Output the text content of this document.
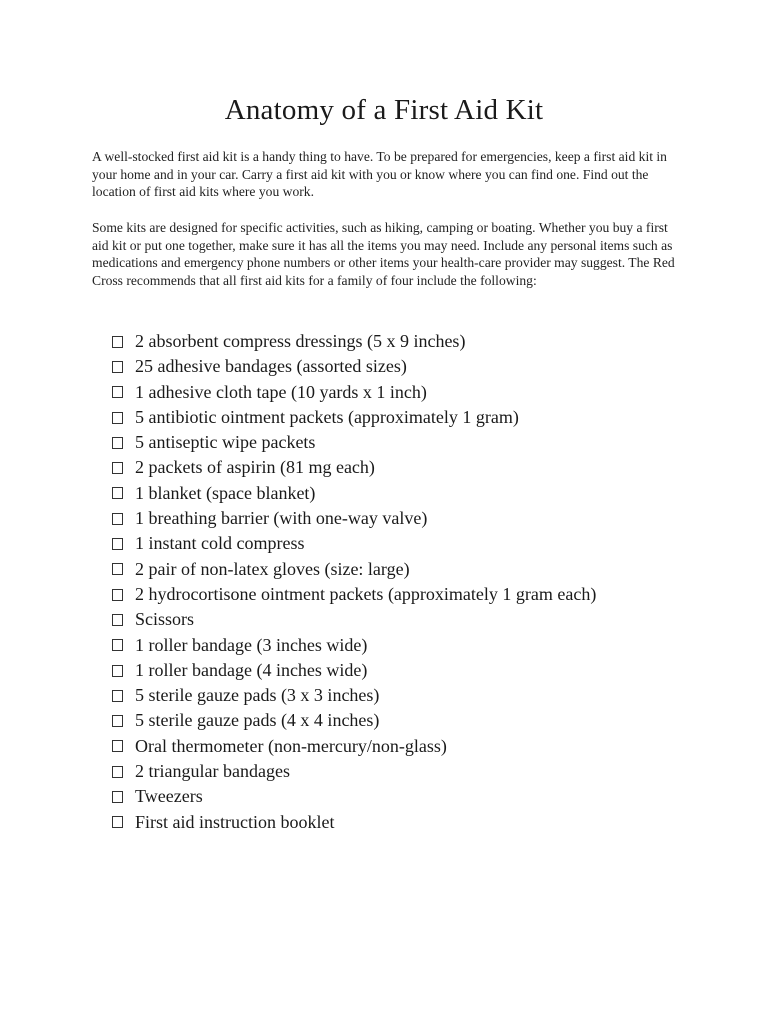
Anatomy of a First Aid Kit

A well-stocked first aid kit is a handy thing to have. To be prepared for emergencies, keep a first aid kit in your home and in your car. Carry a first aid kit with you or know where you can find one. Find out the location of first aid kits where you work.

Some kits are designed for specific activities, such as hiking, camping or boating. Whether you buy a first aid kit or put one together, make sure it has all the items you may need. Include any personal items such as medications and emergency phone numbers or other items your health-care provider may suggest. The Red Cross recommends that all first aid kits for a family of four include the following:

2 absorbent compress dressings (5 x 9 inches)
25 adhesive bandages (assorted sizes)
1 adhesive cloth tape (10 yards x 1 inch)
5 antibiotic ointment packets (approximately 1 gram)
5 antiseptic wipe packets
2 packets of aspirin (81 mg each)
1 blanket (space blanket)
1 breathing barrier (with one-way valve)
1 instant cold compress
2 pair of non-latex gloves (size: large)
2 hydrocortisone ointment packets (approximately 1 gram each)
Scissors
1 roller bandage (3 inches wide)
1 roller bandage (4 inches wide)
5 sterile gauze pads (3 x 3 inches)
5 sterile gauze pads (4 x 4 inches)
Oral thermometer (non-mercury/non-glass)
2 triangular bandages
Tweezers
First aid instruction booklet
